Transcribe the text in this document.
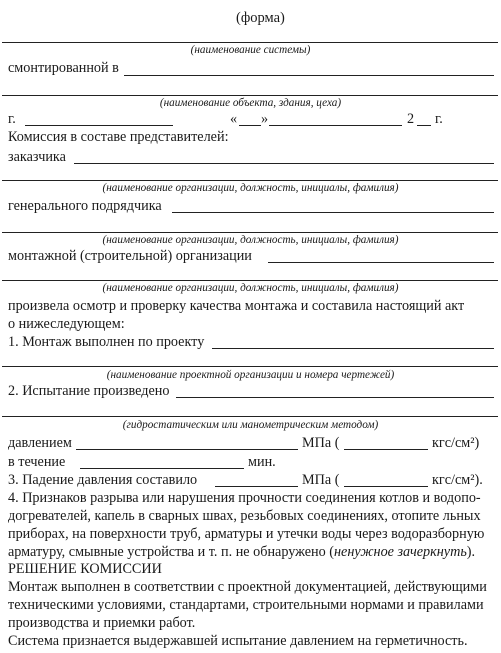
(форма)
(наименование системы)
смонтированной в
(наименование объекта, здания, цеха)
г.	« »	2 г.
Комиссия в составе представителей:
заказчика
(наименование организации, должность, инициалы, фамилия)
генерального подрядчика
(наименование организации, должность, инициалы, фамилия)
монтажной (строительной) организации
(наименование организации, должность, инициалы, фамилия)
произвела осмотр и проверку качества монтажа и составила настоящий акт
о нижеследующем:
1. Монтаж выполнен по проекту
(наименование проектной организации и номера чертежей)
2. Испытание произведено
(гидростатическим или манометрическим методом)
давлением	МПа (	кгс/см²)
в течение	мин.
3. Падение давления составило	МПа (	кгс/см²).
4. Признаков разрыва или нарушения прочности соединения котлов и водопо-
догревателей, капель в сварных швах, резьбовых соединениях, отопите льных
приборах, на поверхности труб, арматуры и утечки воды через водоразборную
арматуру, смывные устройства и т. п. не обнаружено (ненужное зачеркнуть).
РЕШЕНИЕ КОМИССИИ
Монтаж выполнен в соответствии с проектной документацией, действующими
техническими условиями, стандартами, строительными нормами и правилами
производства и приемки работ.
Система признается выдержавшей испытание давлением на герметичность.
